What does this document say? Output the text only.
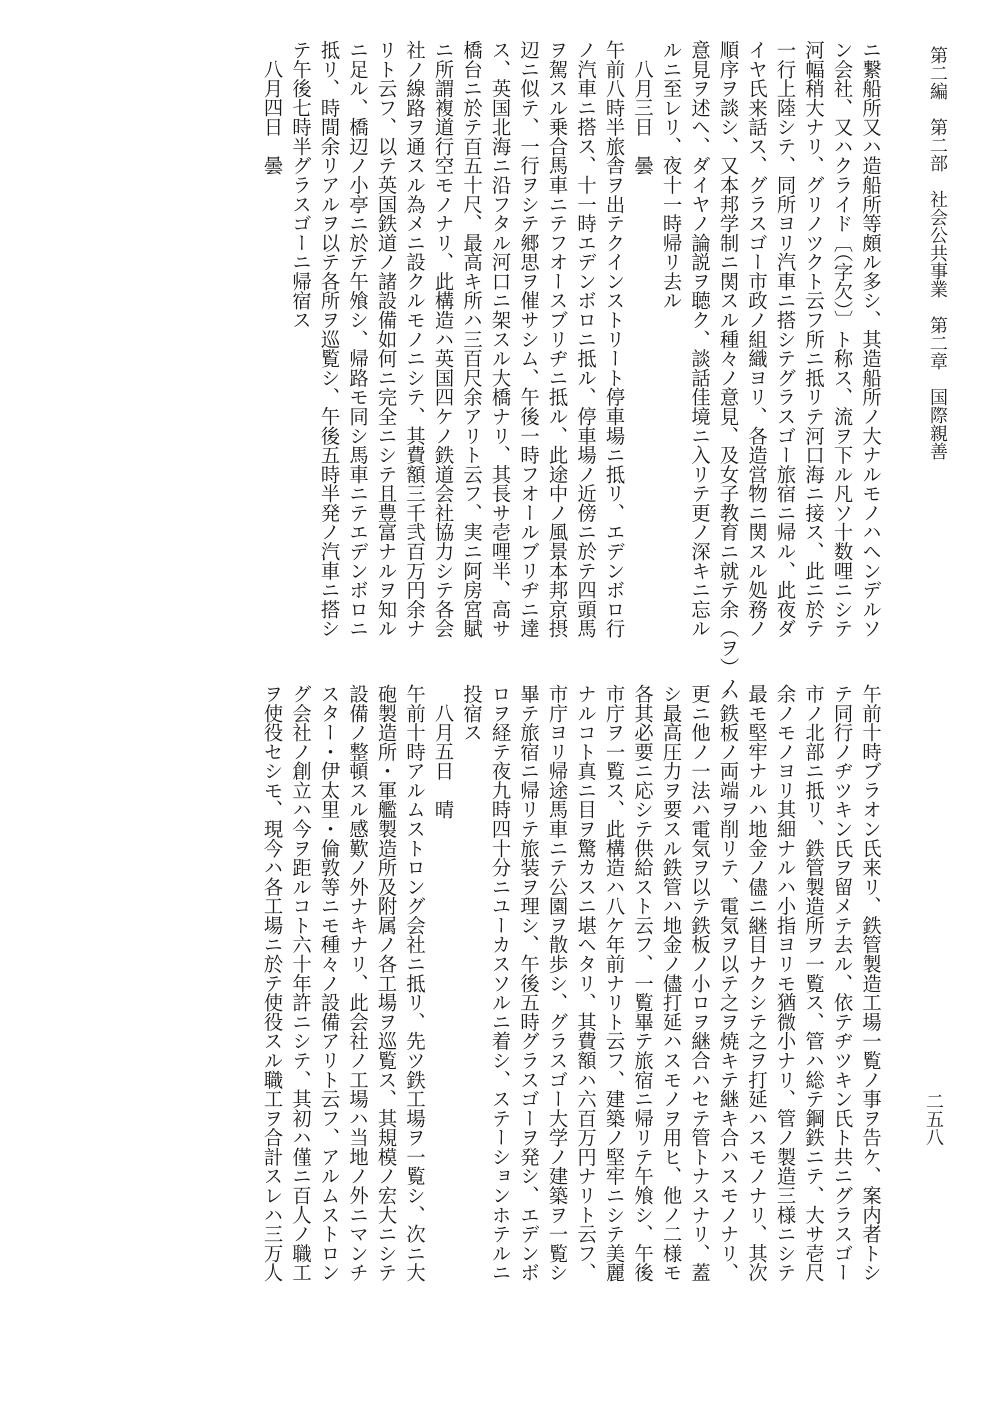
第二編　第二部　社会公共事業　第二章　国際親善
二五八
ニ繋船所又ハ造船所等頗ル多シ、其造船所ノ大ナルモノハヘンデルソ
ン会社、又ハクライド〔（字欠）〕ト称ス、流ヲ下ル凡ソ十数哩ニシテ
河幅稍大ナリ、グリノツクト云フ所ニ抵リテ河口海ニ接ス、此ニ於テ
一行上陸シテ、同所ヨリ汽車ニ搭シテグラスゴー旅宿ニ帰ル、此夜ダ
イヤ氏来話ス、グラスゴー市政ノ組織ヨリ、各造営物ニ関スル処務ノ
順序ヲ談シ、又本邦学制ニ関スル種々ノ意見、及女子教育ニ就テ余（ヲ）ノ
意見ヲ述ヘ、ダイヤノ論説ヲ聴ク、談話佳境ニ入リテ更ノ深キニ忘ル
ルニ至レリ、夜十一時帰リ去ル
八月三日　曇
午前八時半旅舎ヲ出テクインストリート停車場ニ抵リ、エデンボロ行
ノ汽車ニ搭ス、十一時エデンボロニ抵ル、停車場ノ近傍ニ於テ四頭馬
ヲ駕スル乗合馬車ニテフオースブリヂニ抵ル、此途中ノ風景本邦京摂
辺ニ似テ、一行ヲシテ郷思ヲ催サシム、午後一時フオールブリヂニ達
ス、英国北海ニ沿フタル河口ニ架スル大橋ナリ、其長サ壱哩半、高サ
橋台ニ於テ百五十尺、最高キ所ハ三百尺余アリト云フ、実ニ阿房宮賦
ニ所謂複道行空モノナリ、此構造ハ英国四ケノ鉄道会社協力シテ各会
社ノ線路ヲ通スル為メニ設クルモノニシテ、其費額三千弐百万円余ナ
リト云フ、以テ英国鉄道ノ諸設備如何ニ完全ニシテ且豊富ナルヲ知ル
ニ足ル、橋辺ノ小亭ニ於テ午飧シ、帰路モ同シ馬車ニテエデンボロニ
抵リ、時間余リアルヲ以テ各所ヲ巡覧シ、午後五時半発ノ汽車ニ搭シ
テ午後七時半グラスゴーニ帰宿ス
八月四日　曇
午前十時ブラオン氏来リ、鉄管製造工場一覧ノ事ヲ告ケ、案内者トシ
テ同行ノヂツキン氏ヲ留メテ去ル、依テヂツキン氏ト共ニグラスゴー
市ノ北部ニ抵リ、鉄管製造所ヲ一覧ス、管ハ総テ鋼鉄ニテ、大サ壱尺
余ノモノヨリ其細ナルハ小指ヨリモ猶微小ナリ、管ノ製造三様ニシテ
最モ堅牢ナルハ地金ノ儘ニ継目ナクシテ之ヲ打延ハスモノナリ、其次
ハ鉄板ノ両端ヲ削リテ、電気ヲ以テ之ヲ焼キテ継キ合ハスモノナリ、
更ニ他ノ一法ハ電気ヲ以テ鉄板ノ小ロヲ継合ハセテ管トナスナリ、蓋
シ最高圧力ヲ要スル鉄管ハ地金ノ儘打延ハスモノヲ用ヒ、他ノ二様モ
各其必要ニ応シテ供給スト云フ、一覧畢テ旅宿ニ帰リテ午飧シ、午後
市庁ヲ一覧ス、此構造ハ八ケ年前ナリト云フ、建築ノ堅牢ニシテ美麗
ナルコト真ニ目ヲ驚カスニ堪ヘタリ、其費額ハ六百万円ナリト云フ、
市庁ヨリ帰途馬車ニテ公園ヲ散歩シ、グラスゴー大学ノ建築ヲ一覧シ
畢テ旅宿ニ帰リテ旅装ヲ理シ、午後五時グラスゴーヲ発シ、エデンボ
ロヲ経テ夜九時四十分ニユーカスソルニ着シ、ステーションホテルニ
投宿ス
八月五日　晴
午前十時アルムストロング会社ニ抵リ、先ツ鉄工場ヲ一覧シ、次ニ大
砲製造所・軍艦製造所及附属ノ各工場ヲ巡覧ス、其規模ノ宏大ニシテ
設備ノ整頓スル感歎ノ外ナキナリ、此会社ノ工場ハ当地ノ外ニマンチ
スター・伊太里・倫敦等ニモ種々ノ設備アリト云フ、アルムストロン
グ会社ノ創立ハ今ヲ距ルコト六十年許ニシテ、其初ハ僅ニ百人ノ職工
ヲ使役セシモ、現今ハ各工場ニ於テ使役スル職工ヲ合計スレハ三万人
